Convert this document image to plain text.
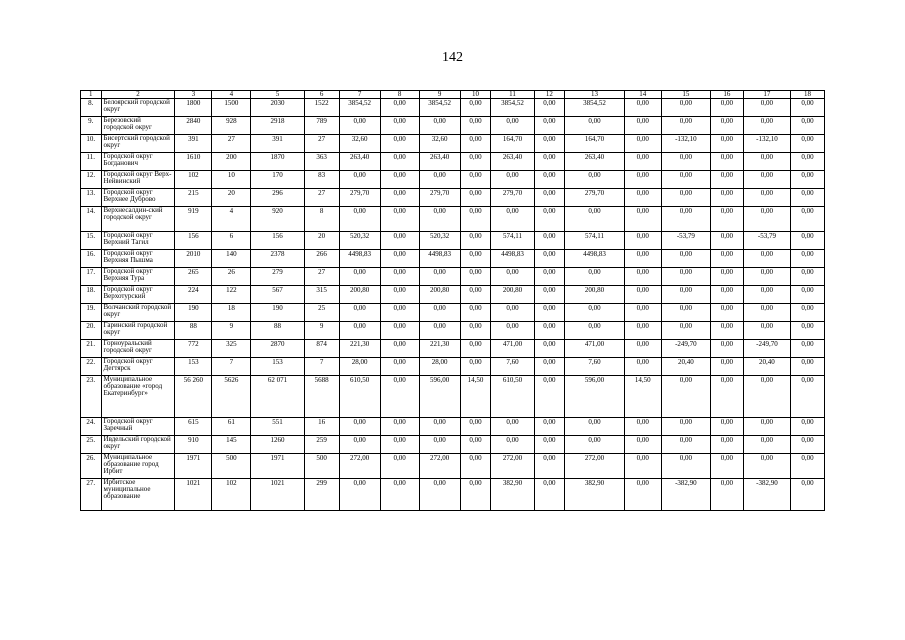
142
1	2	3	4	5	6	7	8	9	10	11	12	13	14	15	16	17	18
8.	Белоярский городской округ	1800	1500	2030	1522	3854,52	0,00	3854,52	0,00	3854,52	0,00	3854,52	0,00	0,00	0,00	0,00	0,00
9.	Березовский городской округ	2840	928	2918	789	0,00	0,00	0,00	0,00	0,00	0,00	0,00	0,00	0,00	0,00	0,00	0,00
10.	Бисертский городской округ	391	27	391	27	32,60	0,00	32,60	0,00	164,70	0,00	164,70	0,00	-132,10	0,00	-132,10	0,00
11.	Городской округ Богданович	1610	200	1870	363	263,40	0,00	263,40	0,00	263,40	0,00	263,40	0,00	0,00	0,00	0,00	0,00
12.	Городской округ Верх-Нейвинский	102	10	170	83	0,00	0,00	0,00	0,00	0,00	0,00	0,00	0,00	0,00	0,00	0,00	0,00
13.	Городской округ Верхнее Дуброво	215	20	296	27	279,70	0,00	279,70	0,00	279,70	0,00	279,70	0,00	0,00	0,00	0,00	0,00
14.	Верхнесалдин-ский городской округ	919	4	920	8	0,00	0,00	0,00	0,00	0,00	0,00	0,00	0,00	0,00	0,00	0,00	0,00
15.	Городской округ Верхний Тагил	156	6	156	20	520,32	0,00	520,32	0,00	574,11	0,00	574,11	0,00	-53,79	0,00	-53,79	0,00
16.	Городской округ Верхняя Пышма	2010	140	2378	266	4498,83	0,00	4498,83	0,00	4498,83	0,00	4498,83	0,00	0,00	0,00	0,00	0,00
17.	Городской округ Верхняя Тура	265	26	279	27	0,00	0,00	0,00	0,00	0,00	0,00	0,00	0,00	0,00	0,00	0,00	0,00
18.	Городской округ Верхотурский	224	122	567	315	200,80	0,00	200,80	0,00	200,80	0,00	200,80	0,00	0,00	0,00	0,00	0,00
19.	Волчанский городской округ	190	18	190	25	0,00	0,00	0,00	0,00	0,00	0,00	0,00	0,00	0,00	0,00	0,00	0,00
20.	Гаринский городской округ	88	9	88	9	0,00	0,00	0,00	0,00	0,00	0,00	0,00	0,00	0,00	0,00	0,00	0,00
21.	Горноуральский городской округ	772	325	2870	874	221,30	0,00	221,30	0,00	471,00	0,00	471,00	0,00	-249,70	0,00	-249,70	0,00
22.	Городской округ Дегтярск	153	7	153	7	28,00	0,00	28,00	0,00	7,60	0,00	7,60	0,00	20,40	0,00	20,40	0,00
23.	Муниципальное образование «город Екатеринбург»	56 260	5626	62 071	5688	610,50	0,00	596,00	14,50	610,50	0,00	596,00	14,50	0,00	0,00	0,00	0,00
24.	Городской округ Заречный	615	61	551	16	0,00	0,00	0,00	0,00	0,00	0,00	0,00	0,00	0,00	0,00	0,00	0,00
25.	Ивдельский городской округ	910	145	1260	259	0,00	0,00	0,00	0,00	0,00	0,00	0,00	0,00	0,00	0,00	0,00	0,00
26.	Муниципальное образование город Ирбит	1971	500	1971	500	272,00	0,00	272,00	0,00	272,00	0,00	272,00	0,00	0,00	0,00	0,00	0,00
27.	Ирбитское муниципальное образование	1021	102	1021	299	0,00	0,00	0,00	0,00	382,90	0,00	382,90	0,00	-382,90	0,00	-382,90	0,00
